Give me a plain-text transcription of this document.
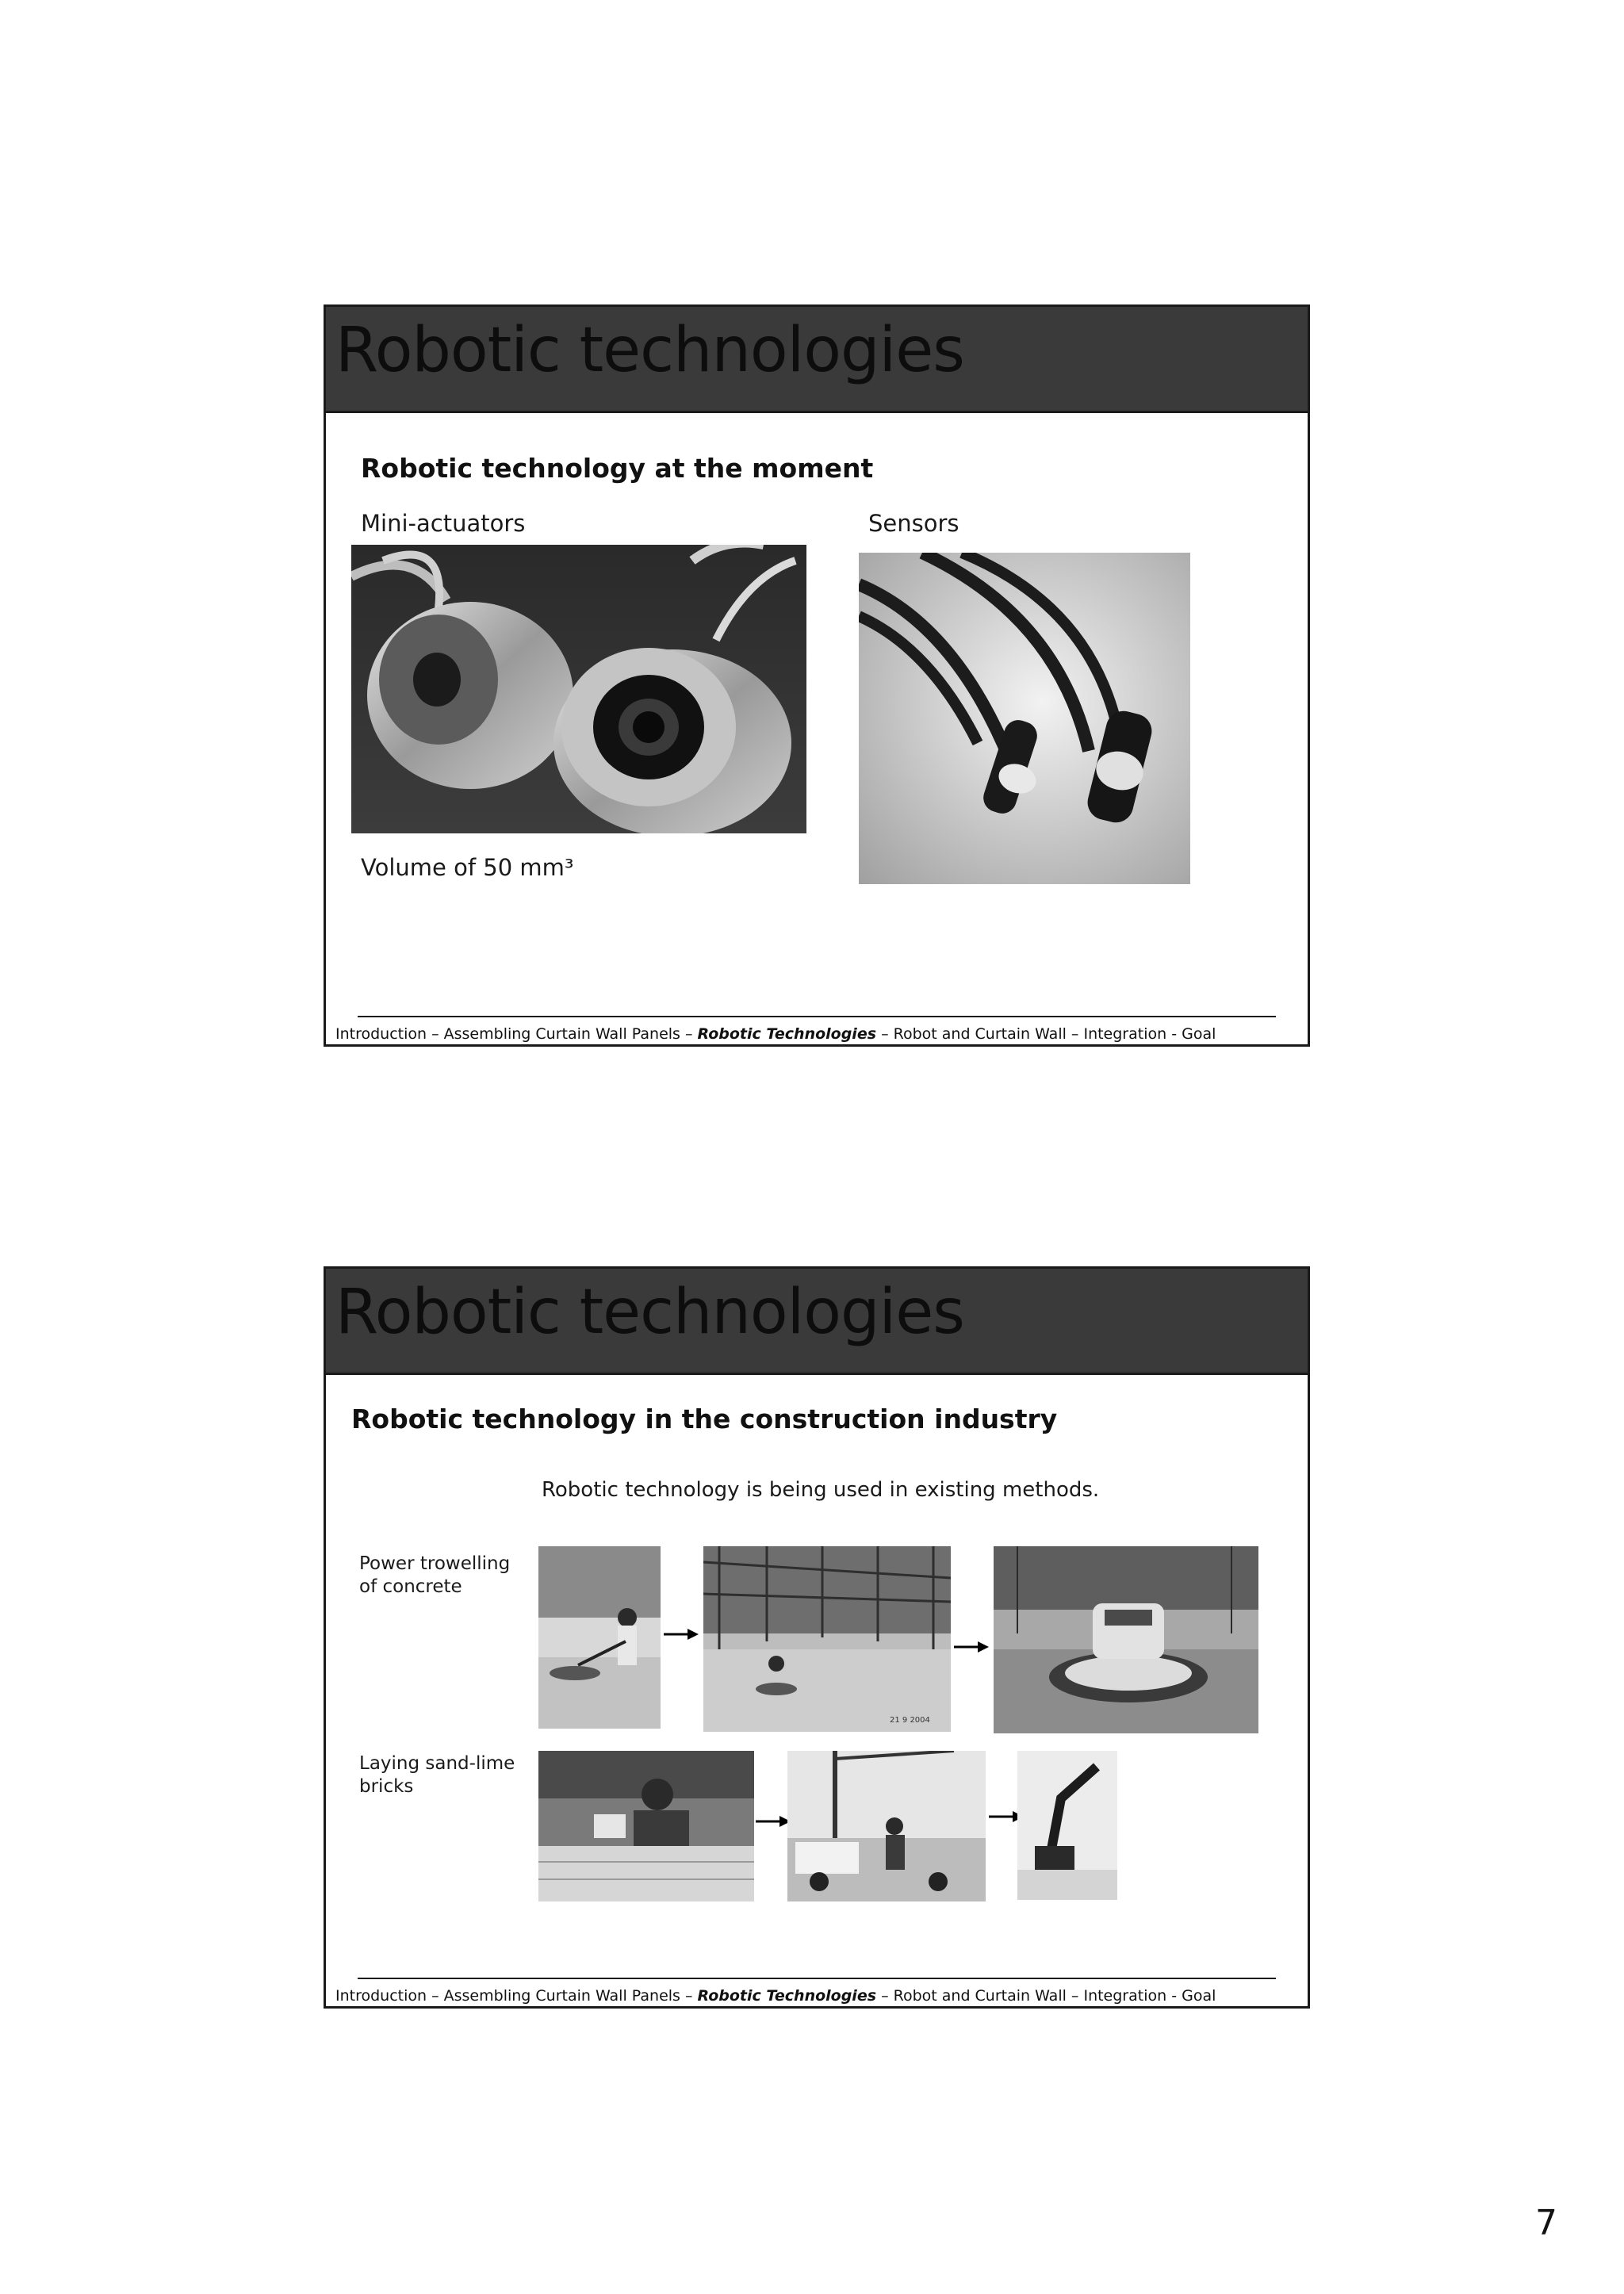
Robotic technologies
Robotic technology at the moment
Mini-actuators	Sensors
Volume of 50 mm³
Introduction – Assembling Curtain Wall Panels – Robotic Technologies – Robot and Curtain Wall – Integration - Goal
Robotic technologies
Robotic technology in the construction industry
Robotic technology is being used in existing methods.
Power trowelling of concrete
Laying sand-lime bricks
21 9 2004
Introduction – Assembling Curtain Wall Panels – Robotic Technologies – Robot and Curtain Wall – Integration - Goal
7
